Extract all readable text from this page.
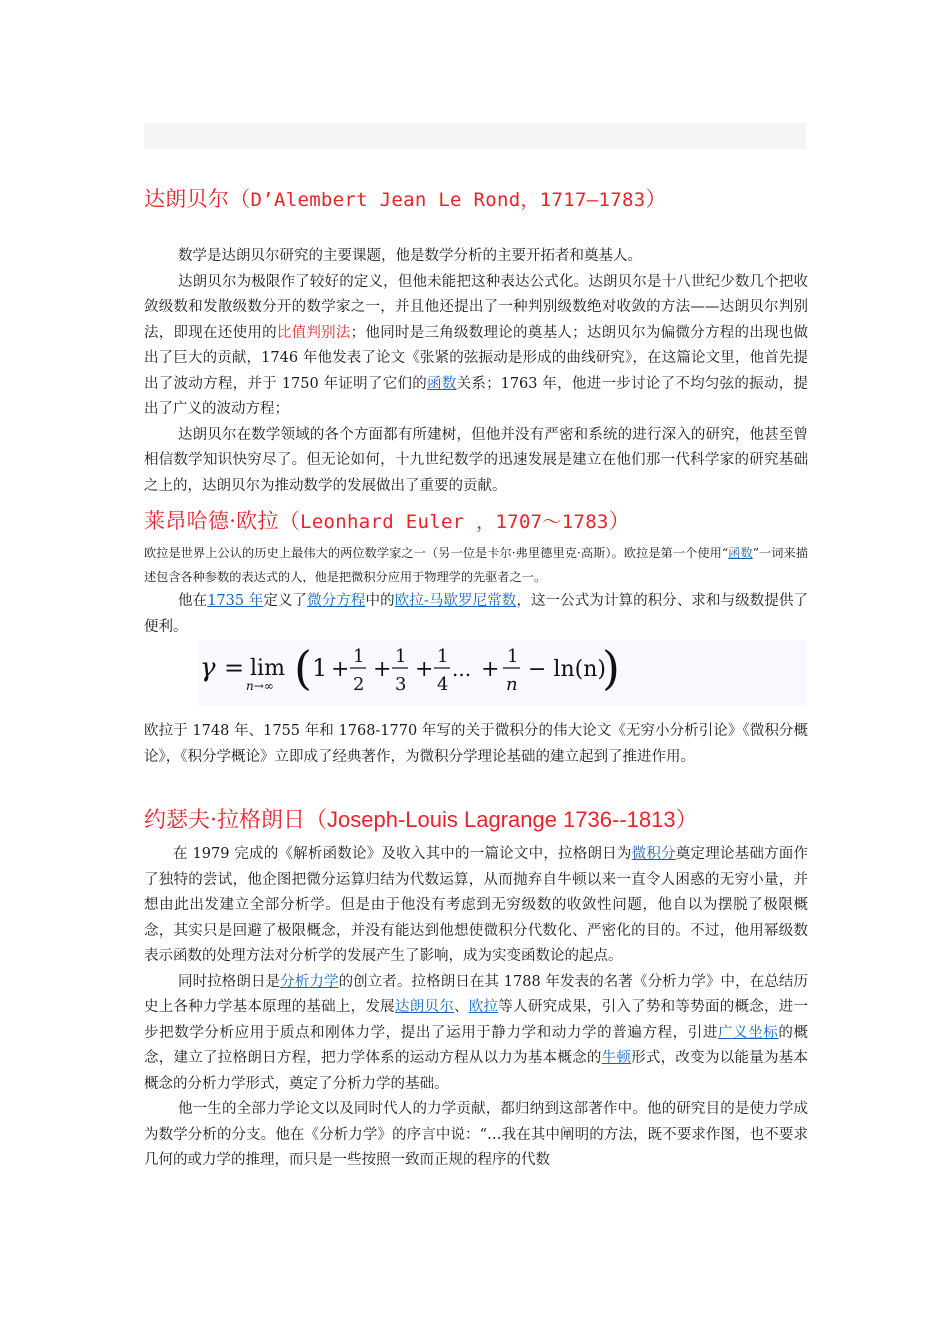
达朗贝尔（D’Alembert Jean Le Rond，1717—1783）

数学是达朗贝尔研究的主要课题，他是数学分析的主要开拓者和奠基人。

达朗贝尔为极限作了较好的定义，但他未能把这种表达公式化。达朗贝尔是十八世纪少数几个把收敛级数和发散级数分开的数学家之一，并且他还提出了一种判别级数绝对收敛的方法——达朗贝尔判别法，即现在还使用的比值判别法；他同时是三角级数理论的奠基人；达朗贝尔为偏微分方程的出现也做出了巨大的贡献，1746 年他发表了论文《张紧的弦振动是形成的曲线研究》，在这篇论文里，他首先提出了波动方程，并于 1750 年证明了它们的函数关系；1763 年，他进一步讨论了不均匀弦的振动，提出了广义的波动方程；

达朗贝尔在数学领域的各个方面都有所建树，但他并没有严密和系统的进行深入的研究，他甚至曾相信数学知识快穷尽了。但无论如何，十九世纪数学的迅速发展是建立在他们那一代科学家的研究基础之上的，达朗贝尔为推动数学的发展做出了重要的贡献。

莱昂哈德·欧拉（Leonhard Euler ，1707～1783）

欧拉是世界上公认的历史上最伟大的两位数学家之一（另一位是卡尔·弗里德里克·高斯）。欧拉是第一个使用“函数”一词来描述包含各种参数的表达式的人，他是把微积分应用于物理学的先驱者之一。

他在1735 年定义了微分方程中的欧拉-马歇罗尼常数，这一公式为计算的积分、求和与级数提供了便利。

γ = lim
n→∞ ( 1 +
1
2
+
1
3
+
1
4
... +
1
n
− ln(n)
)

欧拉于 1748 年、1755 年和 1768-1770 年写的关于微积分的伟大论文《无穷小分析引论》《微积分概论》，《积分学概论》立即成了经典著作，为微积分学理论基础的建立起到了推进作用。

约瑟夫·拉格朗日（Joseph-Louis Lagrange 1736--1813）

在 1979 完成的《解析函数论》及收入其中的一篇论文中，拉格朗日为微积分奠定理论基础方面作了独特的尝试，他企图把微分运算归结为代数运算，从而抛弃自牛顿以来一直令人困惑的无穷小量，并想由此出发建立全部分析学。但是由于他没有考虑到无穷级数的收敛性问题，他自以为摆脱了极限概念，其实只是回避了极限概念，并没有能达到他想使微积分代数化、严密化的目的。不过，他用幂级数表示函数的处理方法对分析学的发展产生了影响，成为实变函数论的起点。

同时拉格朗日是分析力学的创立者。拉格朗日在其 1788 年发表的名著《分析力学》中，在总结历史上各种力学基本原理的基础上，发展达朗贝尔、欧拉等人研究成果，引入了势和等势面的概念，进一步把数学分析应用于质点和刚体力学，提出了运用于静力学和动力学的普遍方程，引进广义坐标的概念，建立了拉格朗日方程，把力学体系的运动方程从以力为基本概念的牛顿形式，改变为以能量为基本概念的分析力学形式，奠定了分析力学的基础。

他一生的全部力学论文以及同时代人的力学贡献，都归纳到这部著作中。他的研究目的是使力学成为数学分析的分支。他在《分析力学》的序言中说：“…我在其中阐明的方法，既不要求作图，也不要求几何的或力学的推理，而只是一些按照一致而正规的程序的代数
